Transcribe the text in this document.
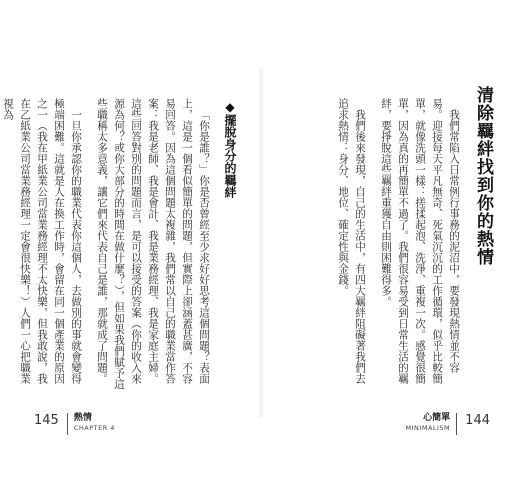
清除羈絆找到你的熱情

我們常陷入日常例行事務的泥沼中，要發現熱情並不容易。迎接每天平凡無奇、死氣沉沉的工作循環，似乎比較簡單，就像洗頭一樣：搓揉起泡、洗淨、重複一次。感覺很簡單，因為真的再簡單不過了。我們很容易受到日常生活的羈絆，要掙脫這些羈絆重獲自由則困難得多。

我們後來發現，自己的生活中，有四大羈絆阻礙著我們去追求熱情：身分、地位、確定性與金錢。

心簡單
MINIMALISM 144
◆擺脫身分的羈絆

「你是誰？」你是否曾經至少求好好思考這個問題？表面上，這是一個看似簡單的問題，但實際上卻涵蓋甚廣，不容易回答。因為這個問題太複雜，我們常以自己的職業當作答案：我是老師、我是會計、我是業務經理、我是家庭主婦。這些回答對別的問題而言，是可以接受的答案（你的收入來源為何？或你大部分的時間在做什麼？），但如果我們賦予這些職稱太多意義，讓它們來代表自己是誰，那就成了問題。

一旦你承認你的職業代表你這個人，去做別的事就會變得極端困難。這就是人在換工作時，會留在同一個產業的原因之一（我在甲紙業公司當業務經理不太快樂，但我敢說，我在乙紙業公司當業務經理一定會很快樂！）人們一心把職業視為

145 熱情
CHAPTER 4
